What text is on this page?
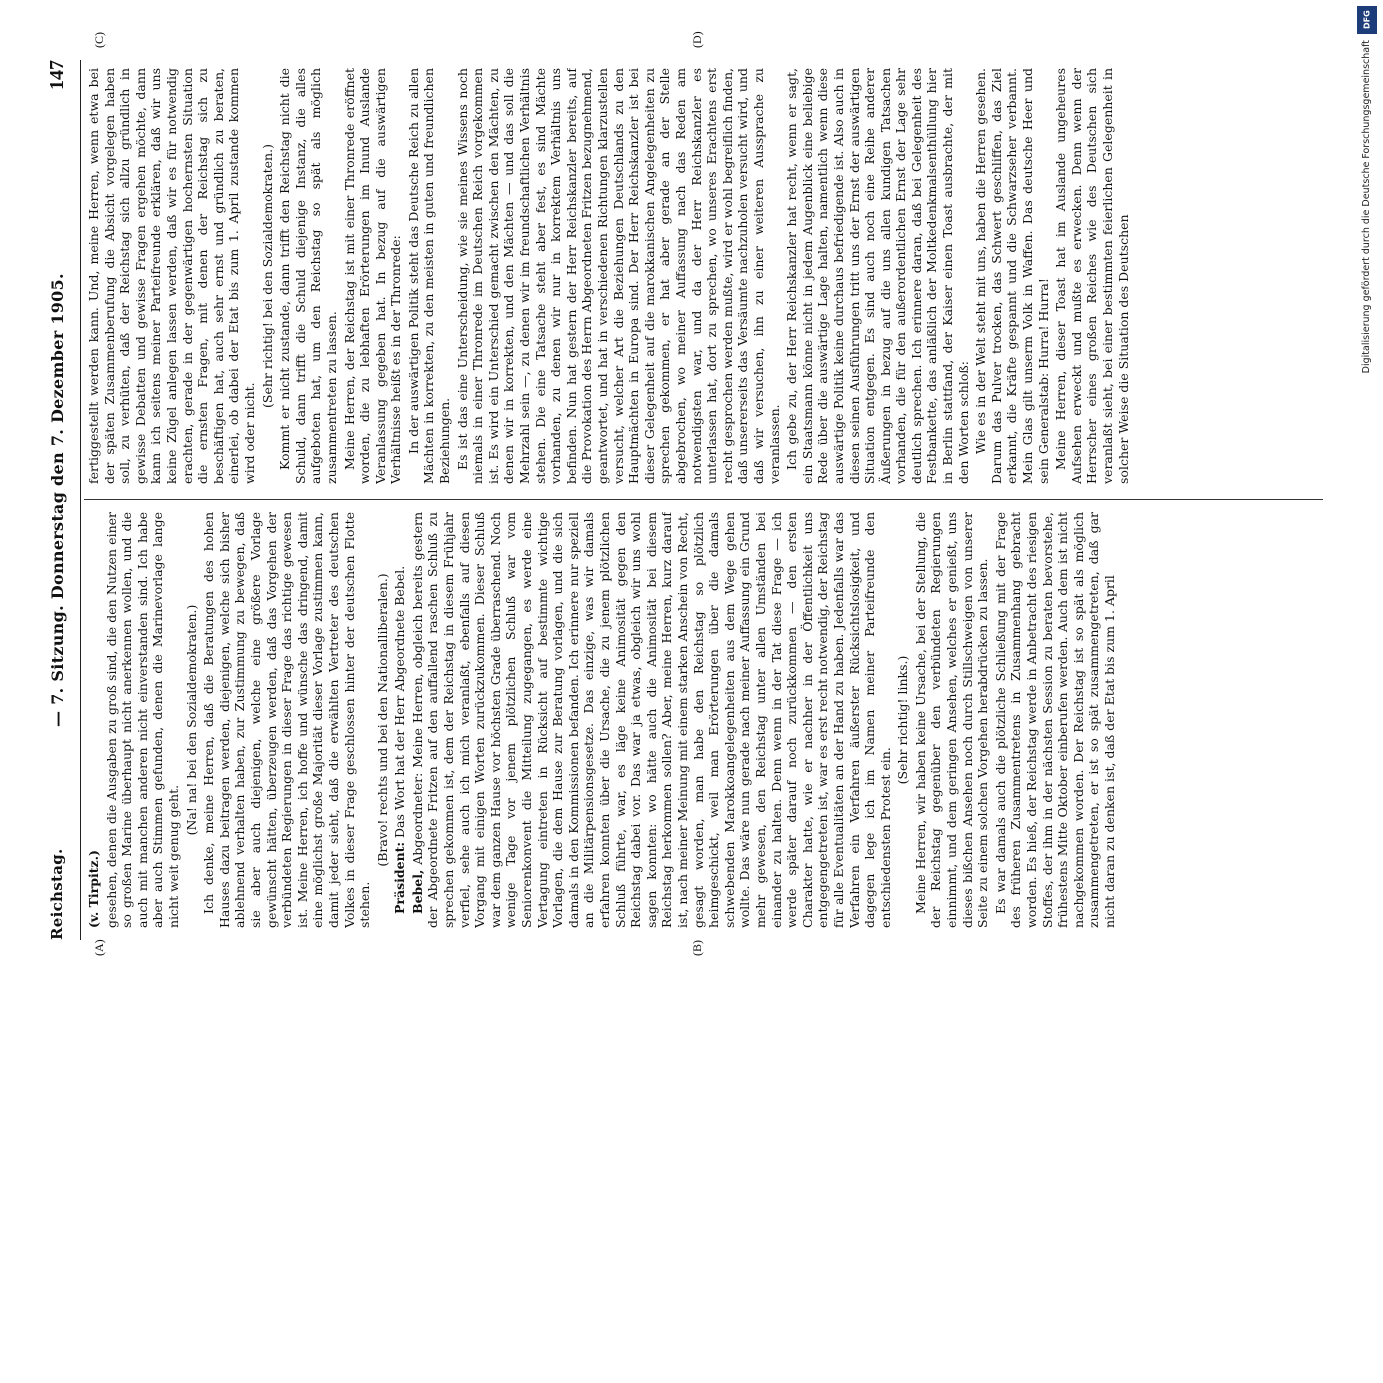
Reichstag.
— 7. Sitzung. Donnerstag den 7. Dezember 1905.
147
(A)	(B)
(C)	(D)

(v. Tirpitz.) gesehen, denen die Ausgaben zu groß sind, die den Nutzen einer so großen Marine überhaupt nicht anerkennen wollen, und die auch mit manchen anderen nicht einverstanden sind. Ich habe aber auch Stimmen gefunden, denen die Marinevorlage lange nicht weit genug geht.

(Na! na! bei den Sozialdemokraten.) Ich denke, meine Herren, daß die Beratungen des hohen Hauses dazu beitragen werden, diejenigen, welche sich bisher ablehnend verhalten haben, zur Zustimmung zu bewegen, daß sie aber auch diejenigen, welche eine größere Vorlage gewünscht hätten, überzeugen werden, daß das Vorgehen der verbündeten Regierungen in dieser Frage das richtige gewesen ist. Meine Herren, ich hoffe und wünsche das dringend, damit eine möglichst große Majorität dieser Vorlage zustimmen kann, damit jeder sieht, daß die erwählten Vertreter des deutschen Volkes in dieser Frage geschlossen hinter der deutschen Flotte stehen.

(Bravo! rechts und bei den Nationalliberalen.)

Präsident: Das Wort hat der Herr Abgeordnete Bebel.

Bebel, Abgeordneter: Meine Herren, obgleich bereits gestern der Abgeordnete Fritzen auf den auffallend raschen Schluß zu sprechen gekommen ist, dem der Reichstag in diesem Frühjahr verfiel, sehe auch ich mich veranlaßt, ebenfalls auf diesen Vorgang mit einigen Worten zurückzukommen. Dieser Schluß war dem ganzen Hause vor höchsten Grade überraschend. Noch wenige Tage vor jenem plötzlichen Schluß war vom Seniorenkonvent die Mitteilung zugegangen, es werde eine Vertagung eintreten in Rücksicht auf bestimmte wichtige Vorlagen, die dem Hause zur Beratung vorlagen, und die sich damals in den Kommissionen befanden. Ich erinnere nur speziell an die Militärpensionsgesetze. Das einzige, was wir damals erfahren konnten über die Ursache, die zu jenem plötzlichen Schluß führte, war, es läge keine Animosität gegen den Reichstag dabei vor. Das war ja etwas, obgleich wir uns wohl sagen konnten: wo hätte auch die Animosität bei diesem Reichstag herkommen sollen? Aber, meine Herren, kurz darauf ist, nach meiner Meinung mit einem starken Anschein von Recht, gesagt worden, man habe den Reichstag so plötzlich heimgeschickt, weil man Erörterungen über die damals schwebenden Marokkoangelegenheiten aus dem Wege gehen wollte. Das wäre nun gerade nach meiner Auffassung ein Grund mehr gewesen, den Reichstag unter allen Umständen bei einander zu halten. Denn wenn in der Tat diese Frage — ich werde später darauf noch zurückkommen — den ersten Charakter hatte, wie er nachher in der Öffentlichkeit uns entgegengetreten ist, war es erst recht notwendig, der Reichstag für alle Eventualitäten an der Hand zu haben. Jedenfalls war das Verfahren ein Verfahren äußerster Rücksichtslosigkeit, und dagegen lege ich im Namen meiner Parteifreunde den entschiedensten Protest ein.

(Sehr richtig! links.) Meine Herren, wir haben keine Ursache, bei der Stellung, die der Reichstag gegenüber den verbündeten Regierungen einnimmt, und dem geringen Ansehen, welches er genießt, uns dieses bißchen Ansehen noch durch Stillschweigen von unserer Seite zu einem solchen Vorgehen herabdrücken zu lassen. Es war damals auch die plötzliche Schließung mit der Frage des früheren Zusammentretens in Zusammenhang gebracht worden. Es hieß, der Reichstag werde in Anbetracht des riesigen Stoffes, der ihm in der nächsten Session zu beraten bevorstehe, frühestens Mitte Oktober einberufen werden. Auch dem ist nicht nachgekommen worden. Der Reichstag ist so spät als möglich zusammengetreten, er ist so spät zusammengetreten, daß gar nicht daran zu denken ist, daß der Etat bis zum 1. April

fertiggestellt werden kann. Und, meine Herren, wenn etwa bei der späten Zusammenberufung die Absicht vorgelegen haben soll, zu verhüten, daß der Reichstag sich allzu gründlich in gewisse Debatten und gewisse Fragen ergehen möchte, dann kann ich seitens meiner Parteifreunde erklären, daß wir uns keine Zügel anlegen lassen werden, daß wir es für notwendig erachten, gerade in der gegenwärtigen hochernsten Situation die ernsten Fragen, mit denen der Reichstag sich zu beschäftigen hat, auch sehr ernst und gründlich zu beraten, einerlei, ob dabei der Etat bis zum 1. April zustande kommen wird oder nicht.

(Sehr richtig! bei den Sozialdemokraten.) Kommt er nicht zustande, dann trifft den Reichstag nicht die Schuld, dann trifft die Schuld diejenige Instanz, die alles aufgeboten hat, um den Reichstag so spät als möglich zusammentreten zu lassen. Meine Herren, der Reichstag ist mit einer Thronrede eröffnet worden, die zu lebhaften Erörterungen im Inund Auslande Veranlassung gegeben hat. In bezug auf die auswärtigen Verhältnisse heißt es in der Thronrede: In der auswärtigen Politik steht das Deutsche Reich zu allen Mächten in korrekten, zu den meisten in guten und freundlichen Beziehungen. Es ist das eine Unterscheidung, wie sie meines Wissens noch niemals in einer Thronrede im Deutschen Reich vorgekommen ist. Es wird ein Unterschied gemacht zwischen den Mächten, zu denen wir in korrekten, und den Mächten — und das soll die Mehrzahl sein —, zu denen wir im freundschaftlichen Verhältnis stehen. Die eine Tatsache steht aber fest, es sind Mächte vorhanden, zu denen wir nur in korrektem Verhältnis uns befinden. Nun hat gestern der Herr Reichskanzler bereits, auf die Provokation des Herrn Abgeordneten Fritzen bezugnehmend, geantwortet, und hat in verschiedenen Richtungen klarzustellen versucht, welcher Art die Beziehungen Deutschlands zu den Hauptmächten in Europa sind. Der Herr Reichskanzler ist bei dieser Gelegenheit auf die marokkanischen Angelegenheiten zu sprechen gekommen, er hat aber gerade an der Stelle abgebrochen, wo meiner Auffassung nach das Reden am notwendigsten war, und da der Herr Reichskanzler es unterlassen hat, dort zu sprechen, wo unseres Erachtens erst recht gesprochen werden mußte, wird er wohl begreiflich finden, daß unsererseits das Versäumte nachzuholen versucht wird, und daß wir versuchen, ihn zu einer weiteren Aussprache zu veranlassen. Ich gebe zu, der Herr Reichskanzler hat recht, wenn er sagt, ein Staatsmann könne nicht in jedem Augenblick eine beliebige Rede über die auswärtige Lage halten, namentlich wenn diese auswärtige Politik keine durchaus befriedigende ist. Also auch in diesen seinen Ausführungen tritt uns der Ernst der auswärtigen Situation entgegen. Es sind auch noch eine Reihe anderer Äußerungen in bezug auf die uns allen kundigen Tatsachen vorhanden, die für den außerordentlichen Ernst der Lage sehr deutlich sprechen. Ich erinnere daran, daß bei Gelegenheit des Festbankette, das anläßlich der Moltkedenkmalsenthüllung hier in Berlin stattfand, der Kaiser einen Toast ausbrachte, der mit den Worten schloß: Wie es in der Welt steht mit uns, haben die Herren gesehen. Darum das Pulver trocken, das Schwert geschliffen, das Ziel erkannt, die Kräfte gespannt und die Schwarzseher verbannt. Mein Glas gilt unserm Volk in Waffen. Das deutsche Heer und sein Generalstab: Hurra! Hurra! Meine Herren, dieser Toast hat im Auslande ungeheures Aufsehen erweckt und mußte es erwecken. Denn wenn der Herrscher eines großen Reiches wie des Deutschen sich veranlaßt sieht, bei einer bestimmten feierlichen Gelegenheit in solcher Weise die Situation des Deutschen

DFG
Digitalisierung gefördert durch die Deutsche Forschungsgemeinschaft
